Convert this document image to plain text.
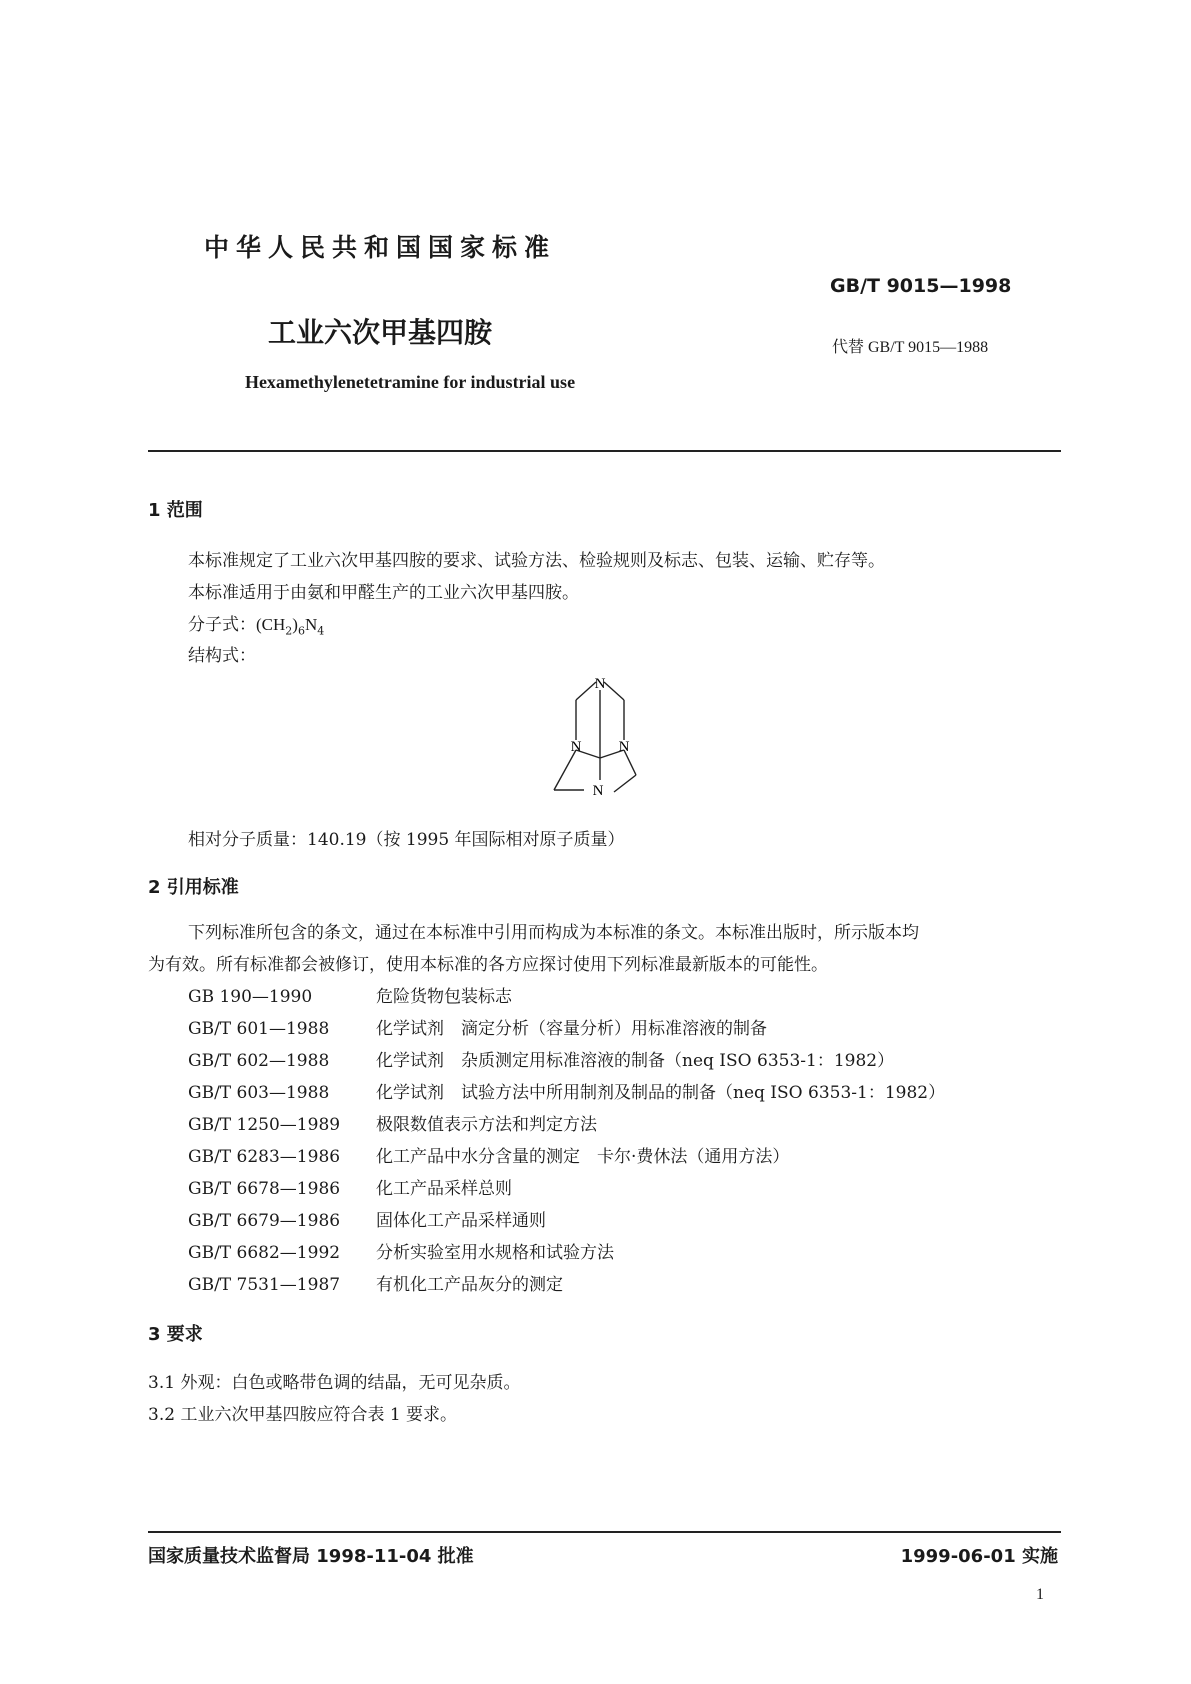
中华人民共和国国家标准
GB/T 9015—1998
工业六次甲基四胺	代替 GB/T 9015—1988
Hexamethylenetetramine for industrial use
1 范围
本标准规定了工业六次甲基四胺的要求、试验方法、检验规则及标志、包装、运输、贮存等。
本标准适用于由氨和甲醛生产的工业六次甲基四胺。
分子式：$(CH_2)_6N_4$
结构式：
N
N N
N
相对分子质量：140.19（按 1995 年国际相对原子质量）
2 引用标准
下列标准所包含的条文，通过在本标准中引用而构成为本标准的条文。本标准出版时，所示版本均
为有效。所有标准都会被修订，使用本标准的各方应探讨使用下列标准最新版本的可能性。
GB 190—1990	危险货物包装标志
GB/T 601—1988	化学试剂　滴定分析（容量分析）用标准溶液的制备
GB/T 602—1988	化学试剂　杂质测定用标准溶液的制备（neq ISO 6353-1：1982）
GB/T 603—1988	化学试剂　试验方法中所用制剂及制品的制备（neq ISO 6353-1：1982）
GB/T 1250—1989 极限数值表示方法和判定方法
GB/T 6283—1986 化工产品中水分含量的测定　卡尔·费休法（通用方法）
GB/T 6678—1986 化工产品采样总则
GB/T 6679—1986 固体化工产品采样通则
GB/T 6682—1992 分析实验室用水规格和试验方法
GB/T 7531—1987 有机化工产品灰分的测定
3 要求
3.1 外观：白色或略带色调的结晶，无可见杂质。
3.2 工业六次甲基四胺应符合表 1 要求。
国家质量技术监督局 1998-11-04 批准	1999-06-01 实施
1
